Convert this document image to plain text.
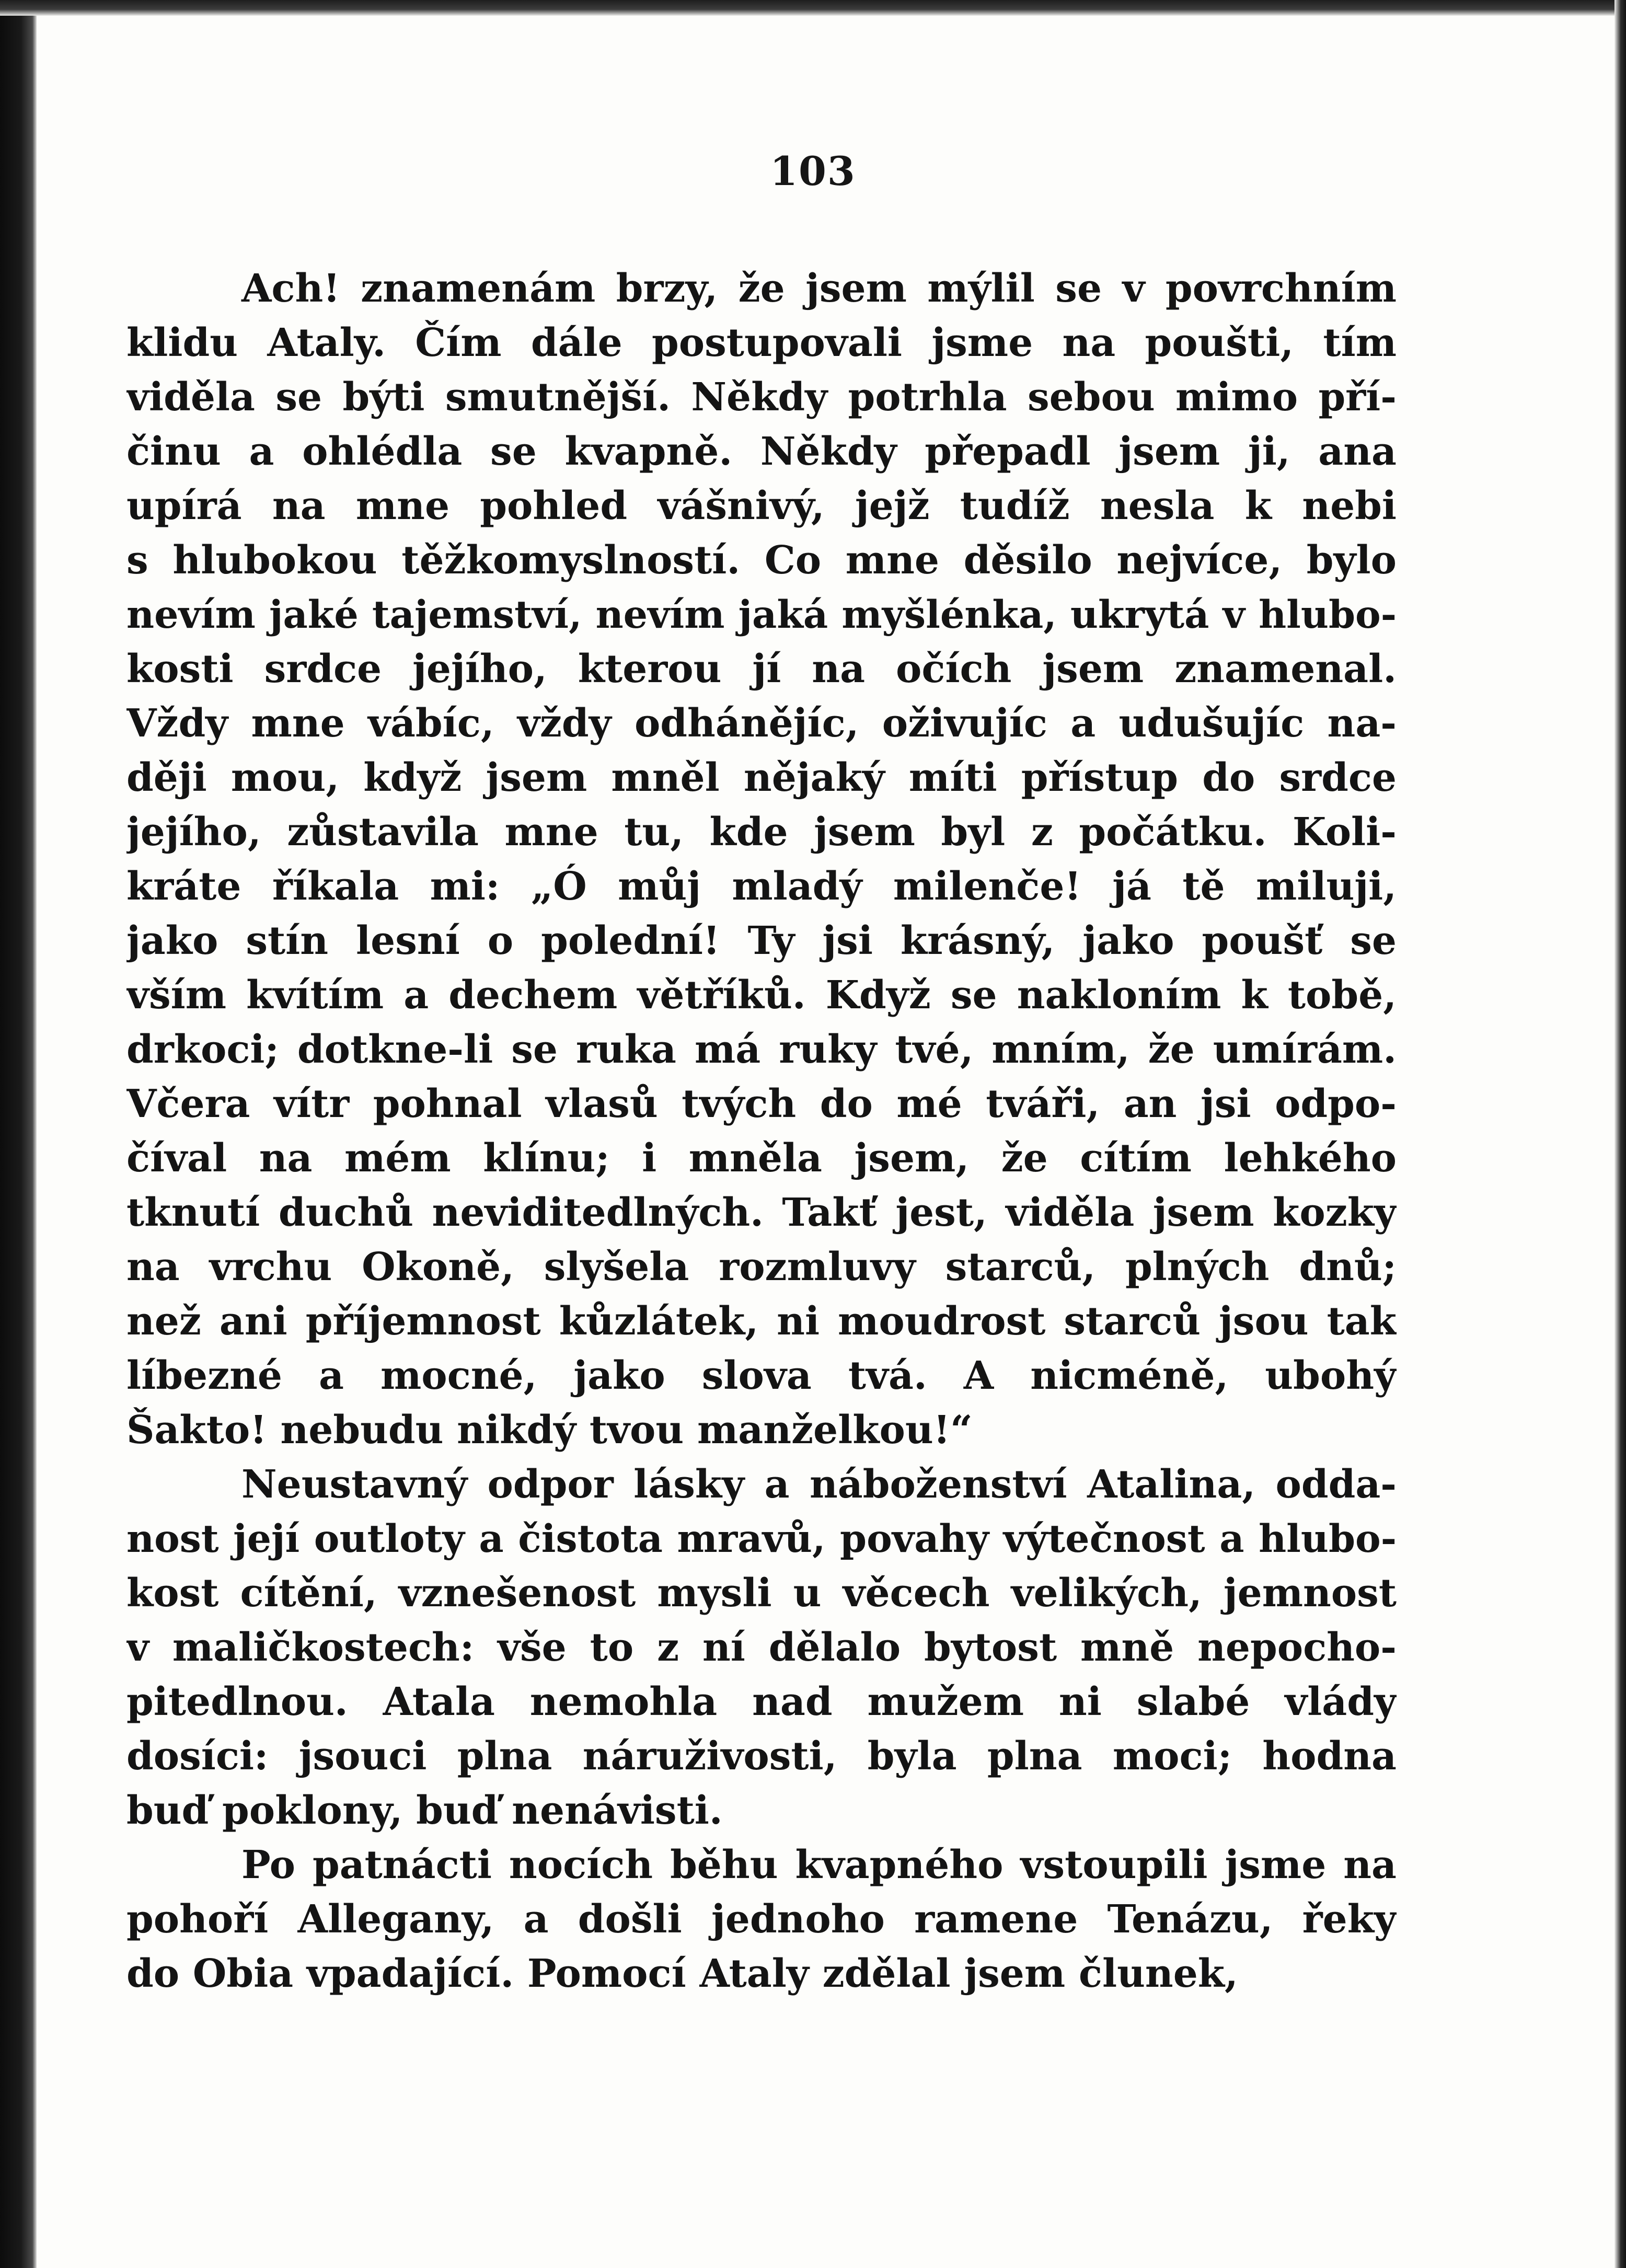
103
Ach! znamenám brzy, že jsem mýlil se v povrchním
klidu Ataly. Čím dále postupovali jsme na poušti, tím
viděla se býti smutnější. Někdy potrhla sebou mimo pří-
činu a ohlédla se kvapně. Někdy přepadl jsem ji, ana
upírá na mne pohled vášnivý, jejž tudíž nesla k nebi
s hlubokou těžkomyslností. Co mne děsilo nejvíce, bylo
nevím jaké tajemství, nevím jaká myšlénka, ukrytá v hlubo-
kosti srdce jejího, kterou jí na očích jsem znamenal.
Vždy mne vábíc, vždy odhánějíc, oživujíc a udušujíc na-
ději mou, když jsem mněl nějaký míti přístup do srdce
jejího, zůstavila mne tu, kde jsem byl z počátku. Koli-
kráte říkala mi: „Ó můj mladý milenče! já tě miluji,
jako stín lesní o polední! Ty jsi krásný, jako poušť se
vším kvítím a dechem větříků. Když se nakloním k tobě,
drkoci; dotkne-li se ruka má ruky tvé, mním, že umírám.
Včera vítr pohnal vlasů tvých do mé tváři, an jsi odpo-
číval na mém klínu; i mněla jsem, že cítím lehkého
tknutí duchů neviditedlných. Takť jest, viděla jsem kozky
na vrchu Okoně, slyšela rozmluvy starců, plných dnů;
než ani příjemnost kůzlátek, ni moudrost starců jsou tak
líbezné a mocné, jako slova tvá. A nicméně, ubohý
Šakto! nebudu nikdý tvou manželkou!“
Neustavný odpor lásky a náboženství Atalina, odda-
nost její outloty a čistota mravů, povahy výtečnost a hlubo-
kost cítění, vznešenost mysli u věcech velikých, jemnost
v maličkostech: vše to z ní dělalo bytost mně nepocho-
pitedlnou. Atala nemohla nad mužem ni slabé vlády
dosíci: jsouci plna náruživosti, byla plna moci; hodna
buď poklony, buď nenávisti.
Po patnácti nocích běhu kvapného vstoupili jsme na
pohoří Allegany, a došli jednoho ramene Tenázu, řeky
do Obia vpadající. Pomocí Ataly zdělal jsem člunek,
